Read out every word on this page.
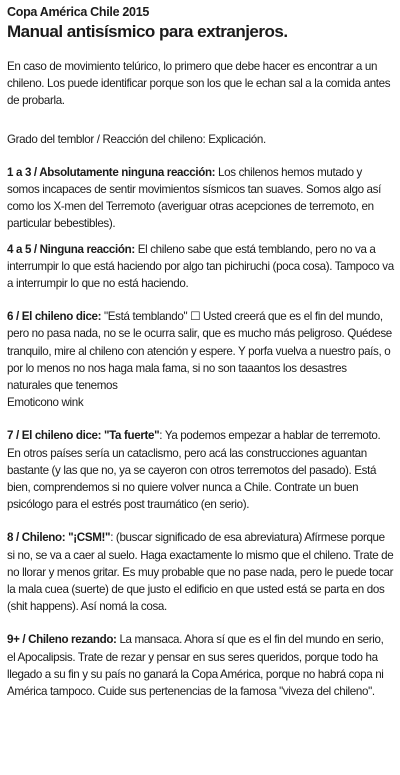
Copa América Chile 2015
Manual antisísmico para extranjeros.

En caso de movimiento telúrico, lo primero que debe hacer es encontrar a un chileno. Los puede identificar porque son los que le echan sal a la comida antes de probarla.

Grado del temblor / Reacción del chileno: Explicación.

1 a 3 / Absolutamente ninguna reacción: Los chilenos hemos mutado y somos incapaces de sentir movimientos sísmicos tan suaves. Somos algo así como los X-men del Terremoto (averiguar otras acepciones de terremoto, en particular bebestibles).

4 a 5 / Ninguna reacción: El chileno sabe que está temblando, pero no va a interrumpir lo que está haciendo por algo tan pichiruchi (poca cosa). Tampoco va a interrumpir lo que no está haciendo.

6 / El chileno dice: "Está temblando" ☐ Usted creerá que es el fin del mundo, pero no pasa nada, no se le ocurra salir, que es mucho más peligroso. Quédese tranquilo, mire al chileno con atención y espere. Y porfa vuelva a nuestro país, o por lo menos no nos haga mala fama, si no son taaantos los desastres naturales que tenemos

Emoticono wink

7 / El chileno dice: "Ta fuerte": Ya podemos empezar a hablar de terremoto. En otros países sería un cataclismo, pero acá las construcciones aguantan bastante (y las que no, ya se cayeron con otros terremotos del pasado). Está bien, comprendemos si no quiere volver nunca a Chile. Contrate un buen psicólogo para el estrés post traumático (en serio).

8 / Chileno: "¡CSM!": (buscar significado de esa abreviatura) Afírmese porque si no, se va a caer al suelo. Haga exactamente lo mismo que el chileno. Trate de no llorar y menos gritar. Es muy probable que no pase nada, pero le puede tocar la mala cuea (suerte) de que justo el edificio en que usted está se parta en dos (shit happens). Así nomá la cosa.

9+ / Chileno rezando: La mansaca. Ahora sí que es el fin del mundo en serio, el Apocalipsis. Trate de rezar y pensar en sus seres queridos, porque todo ha llegado a su fin y su país no ganará la Copa América, porque no habrá copa ni América tampoco. Cuide sus pertenencias de la famosa "viveza del chileno".
